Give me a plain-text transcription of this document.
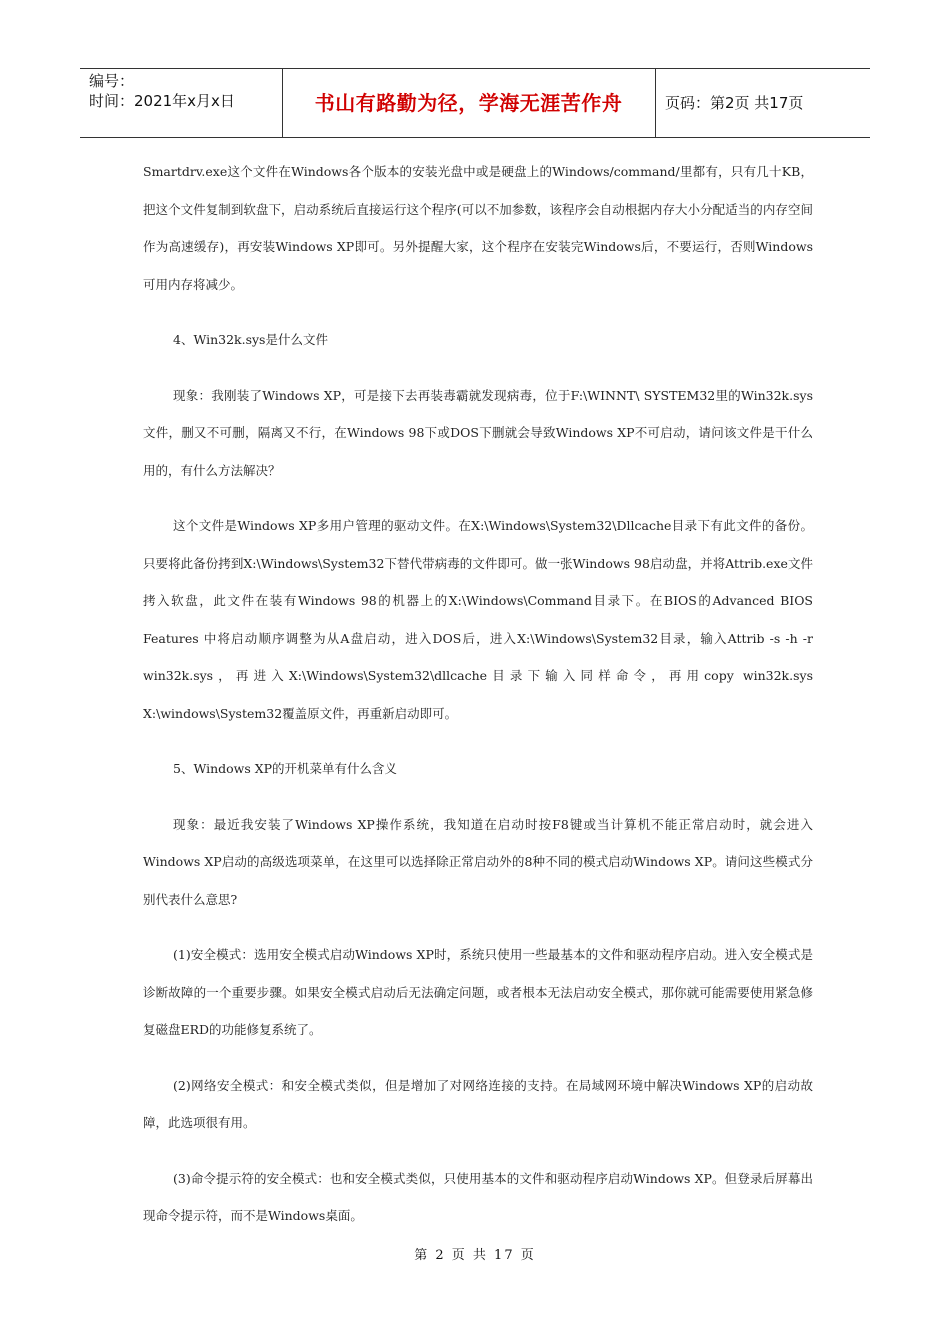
编号：
时间：2021年x月x日	书山有路勤为径，学海无涯苦作舟	页码：第2页 共17页

Smartdrv.exe这个文件在Windows各个版本的安装光盘中或是硬盘上的Windows/command/里都有，只有几十KB，把这个文件复制到软盘下，启动系统后直接运行这个程序(可以不加参数，该程序会自动根据内存大小分配适当的内存空间作为高速缓存)，再安装Windows XP即可。另外提醒大家，这个程序在安装完Windows后，不要运行，否则Windows可用内存将减少。

4、Win32k.sys是什么文件

现象：我刚装了Windows XP，可是接下去再装毒霸就发现病毒，位于F:\WINNT\ SYSTEM32里的Win32k.sys文件，删又不可删，隔离又不行，在Windows 98下或DOS下删就会导致Windows XP不可启动，请问该文件是干什么用的，有什么方法解决？

这个文件是Windows XP多用户管理的驱动文件。在X:\Windows\System32\Dllcache目录下有此文件的备份。只要将此备份拷到X:\Windows\System32下替代带病毒的文件即可。做一张Windows 98启动盘，并将Attrib.exe文件拷入软盘，此文件在装有Windows 98的机器上的X:\Windows\Command目录下。在BIOS的Advanced BIOS Features 中将启动顺序调整为从A盘启动，进入DOS后，进入X:\Windows\System32目录，输入Attrib -s -h -r win32k.sys，再进入X:\Windows\System32\dllcache目录下输入同样命令，再用copy win32k.sys X:\windows\System32覆盖原文件，再重新启动即可。

5、Windows XP的开机菜单有什么含义

现象：最近我安装了Windows XP操作系统，我知道在启动时按F8键或当计算机不能正常启动时，就会进入Windows XP启动的高级选项菜单，在这里可以选择除正常启动外的8种不同的模式启动Windows XP。请问这些模式分别代表什么意思?

(1)安全模式：选用安全模式启动Windows XP时，系统只使用一些最基本的文件和驱动程序启动。进入安全模式是诊断故障的一个重要步骤。如果安全模式启动后无法确定问题，或者根本无法启动安全模式，那你就可能需要使用紧急修复磁盘ERD的功能修复系统了。

(2)网络安全模式：和安全模式类似，但是增加了对网络连接的支持。在局域网环境中解决Windows XP的启动故障，此选项很有用。

(3)命令提示符的安全模式：也和安全模式类似，只使用基本的文件和驱动程序启动Windows XP。但登录后屏幕出现命令提示符，而不是Windows桌面。

第 2 页 共 17 页
